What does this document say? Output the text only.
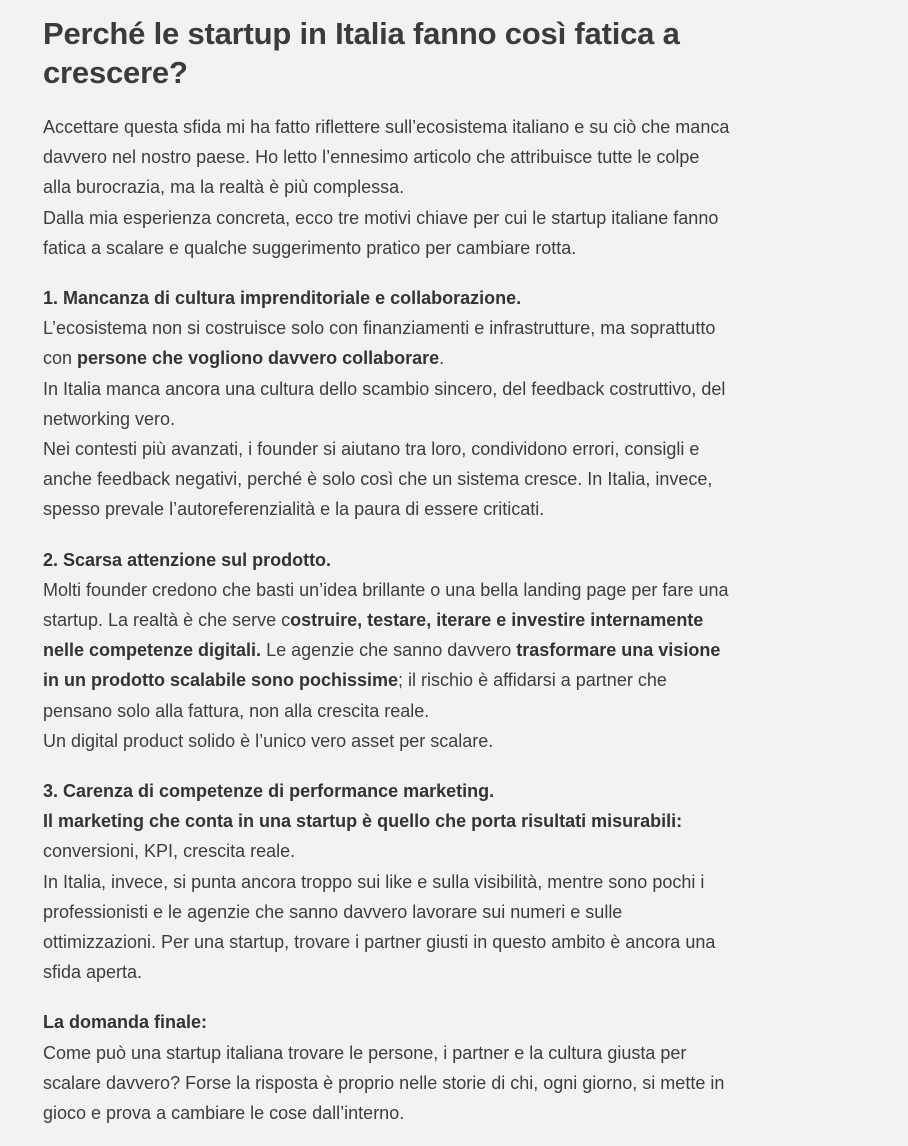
Perché le startup in Italia fanno così fatica a
crescere?

Accettare questa sfida mi ha fatto riflettere sull’ecosistema italiano e su ciò che manca
davvero nel nostro paese. Ho letto l’ennesimo articolo che attribuisce tutte le colpe
alla burocrazia, ma la realtà è più complessa.
Dalla mia esperienza concreta, ecco tre motivi chiave per cui le startup italiane fanno
fatica a scalare e qualche suggerimento pratico per cambiare rotta.

1. Mancanza di cultura imprenditoriale e collaborazione.
L’ecosistema non si costruisce solo con finanziamenti e infrastrutture, ma soprattutto
con persone che vogliono davvero collaborare.
In Italia manca ancora una cultura dello scambio sincero, del feedback costruttivo, del
networking vero.
Nei contesti più avanzati, i founder si aiutano tra loro, condividono errori, consigli e
anche feedback negativi, perché è solo così che un sistema cresce. In Italia, invece,
spesso prevale l’autoreferenzialità e la paura di essere criticati.

2. Scarsa attenzione sul prodotto.
Molti founder credono che basti un’idea brillante o una bella landing page per fare una
startup. La realtà è che serve costruire, testare, iterare e investire internamente
nelle competenze digitali. Le agenzie che sanno davvero trasformare una visione
in un prodotto scalabile sono pochissime; il rischio è affidarsi a partner che
pensano solo alla fattura, non alla crescita reale.
Un digital product solido è l’unico vero asset per scalare.

3. Carenza di competenze di performance marketing.
Il marketing che conta in una startup è quello che porta risultati misurabili:
conversioni, KPI, crescita reale.
In Italia, invece, si punta ancora troppo sui like e sulla visibilità, mentre sono pochi i
professionisti e le agenzie che sanno davvero lavorare sui numeri e sulle
ottimizzazioni. Per una startup, trovare i partner giusti in questo ambito è ancora una
sfida aperta.

La domanda finale:
Come può una startup italiana trovare le persone, i partner e la cultura giusta per
scalare davvero? Forse la risposta è proprio nelle storie di chi, ogni giorno, si mette in
gioco e prova a cambiare le cose dall’interno.
